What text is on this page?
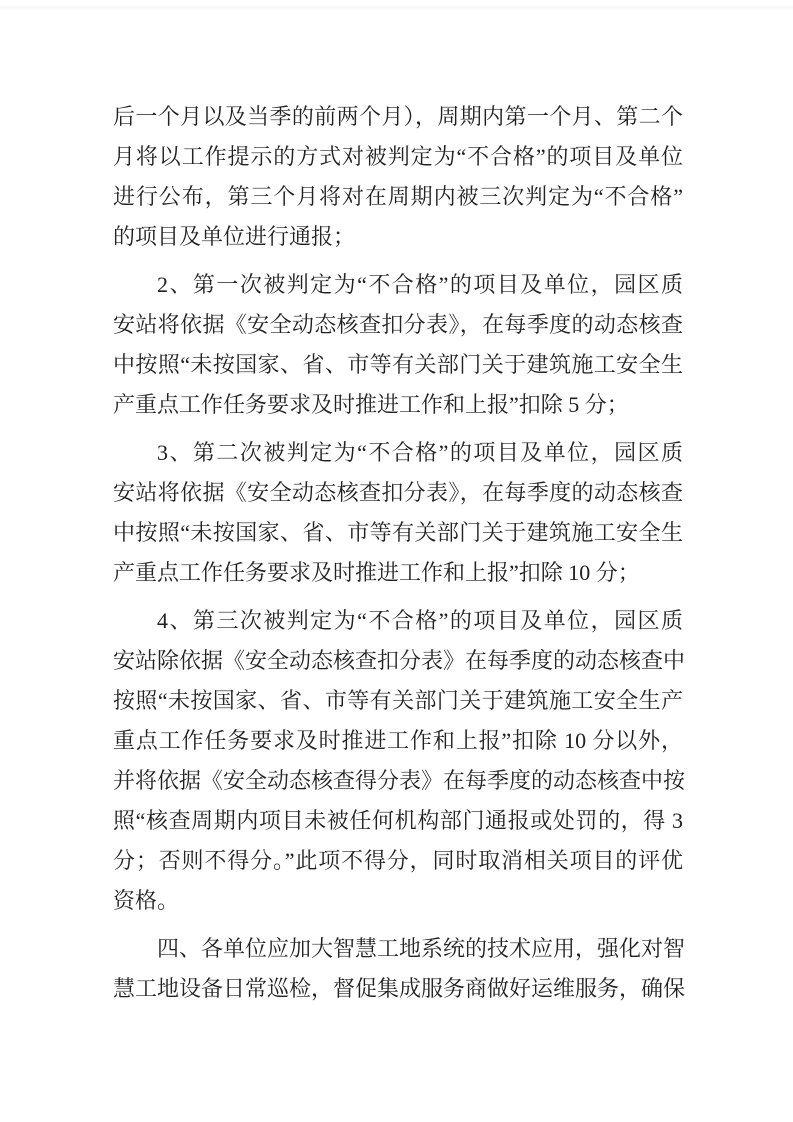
后一个月以及当季的前两个月），周期内第一个月、第二个
月将以工作提示的方式对被判定为“不合格”的项目及单位
进行公布，第三个月将对在周期内被三次判定为“不合格”
的项目及单位进行通报；
2、第一次被判定为“不合格”的项目及单位，园区质
安站将依据《安全动态核查扣分表》，在每季度的动态核查
中按照“未按国家、省、市等有关部门关于建筑施工安全生
产重点工作任务要求及时推进工作和上报”扣除 5 分；
3、第二次被判定为“不合格”的项目及单位，园区质
安站将依据《安全动态核查扣分表》，在每季度的动态核查
中按照“未按国家、省、市等有关部门关于建筑施工安全生
产重点工作任务要求及时推进工作和上报”扣除 10 分；
4、第三次被判定为“不合格”的项目及单位，园区质
安站除依据《安全动态核查扣分表》在每季度的动态核查中
按照“未按国家、省、市等有关部门关于建筑施工安全生产
重点工作任务要求及时推进工作和上报”扣除 10 分以外，
并将依据《安全动态核查得分表》在每季度的动态核查中按
照“核查周期内项目未被任何机构部门通报或处罚的，得 3
分；否则不得分。”此项不得分，同时取消相关项目的评优
资格。
四、各单位应加大智慧工地系统的技术应用，强化对智
慧工地设备日常巡检，督促集成服务商做好运维服务，确保
